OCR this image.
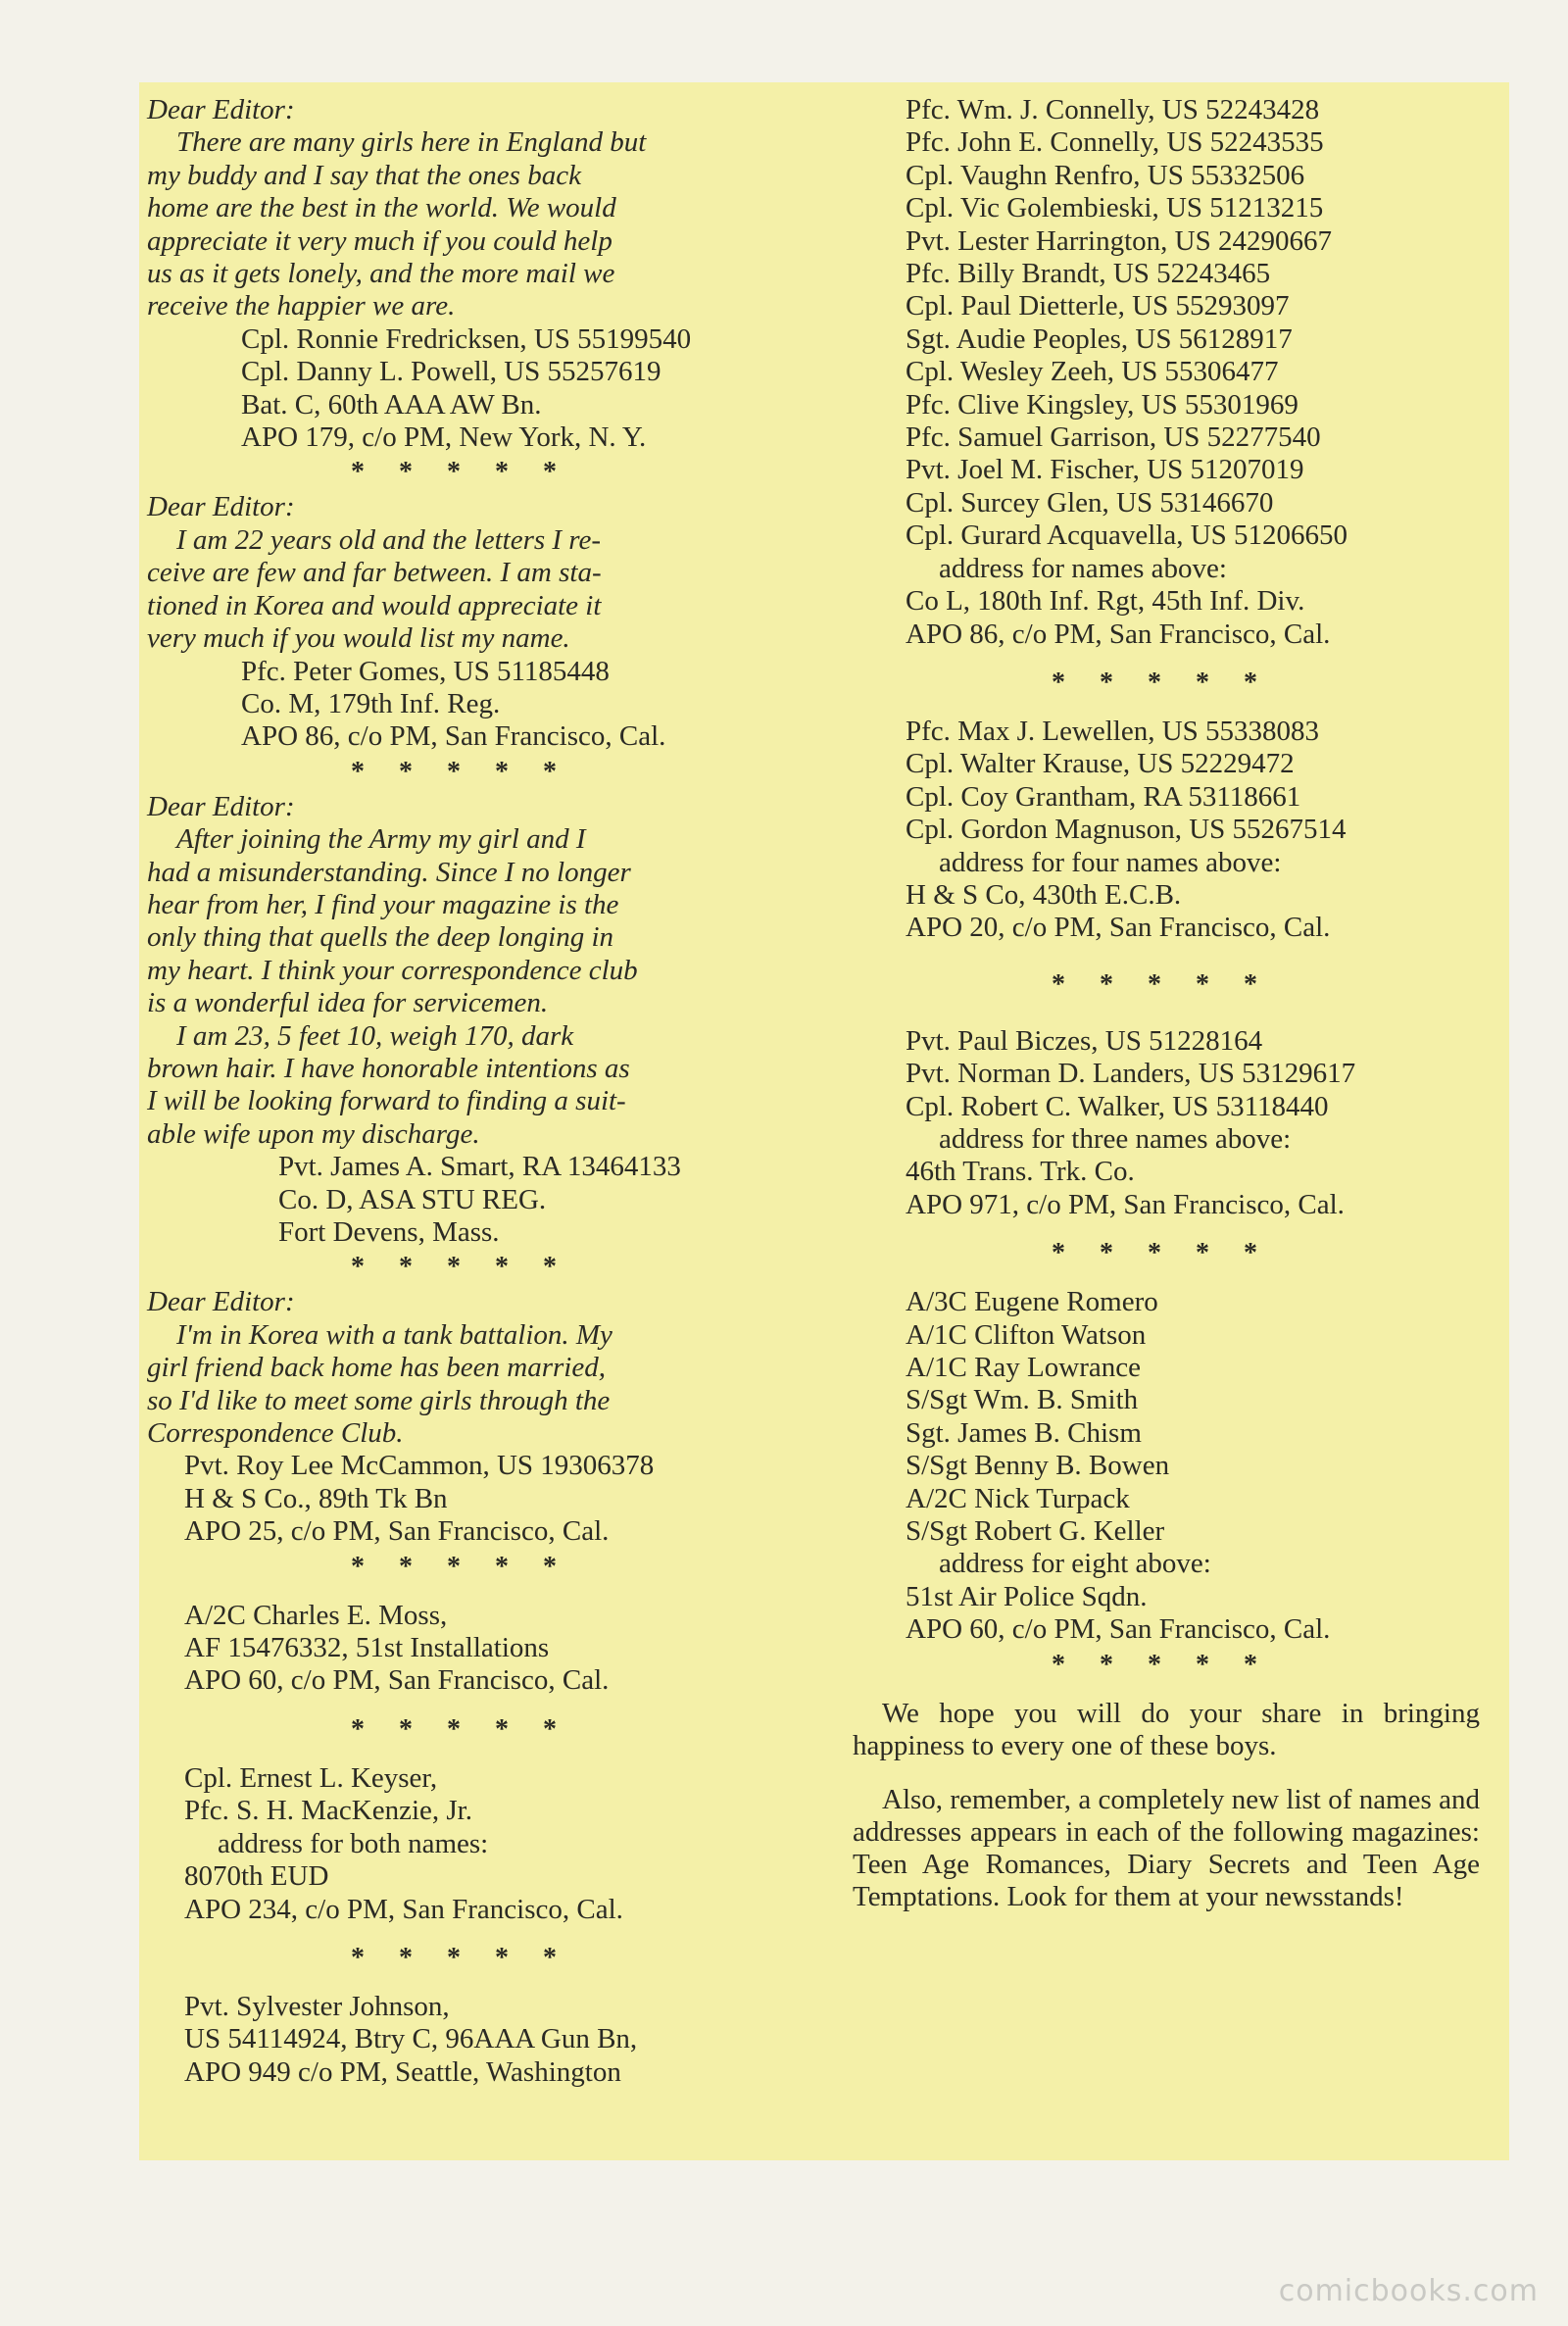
Dear Editor:
There are many girls here in England but
my buddy and I say that the ones back
home are the best in the world. We would
appreciate it very much if you could help
us as it gets lonely, and the more mail we
receive the happier we are.
Cpl. Ronnie Fredricksen, US 55199540
Cpl. Danny L. Powell, US 55257619
Bat. C, 60th AAA AW Bn.
APO 179, c/o PM, New York, N. Y.
* * * * *
Dear Editor:
I am 22 years old and the letters I re-
ceive are few and far between. I am sta-
tioned in Korea and would appreciate it
very much if you would list my name.
Pfc. Peter Gomes, US 51185448
Co. M, 179th Inf. Reg.
APO 86, c/o PM, San Francisco, Cal.
* * * * *
Dear Editor:
After joining the Army my girl and I
had a misunderstanding. Since I no longer
hear from her, I find your magazine is the
only thing that quells the deep longing in
my heart. I think your correspondence club
is a wonderful idea for servicemen.
I am 23, 5 feet 10, weigh 170, dark
brown hair. I have honorable intentions as
I will be looking forward to finding a suit-
able wife upon my discharge.
Pvt. James A. Smart, RA 13464133
Co. D, ASA STU REG.
Fort Devens, Mass.
* * * * *
Dear Editor:
I'm in Korea with a tank battalion. My
girl friend back home has been married,
so I'd like to meet some girls through the
Correspondence Club.
Pvt. Roy Lee McCammon, US 19306378
H & S Co., 89th Tk Bn
APO 25, c/o PM, San Francisco, Cal.
* * * * *
A/2C Charles E. Moss,
AF 15476332, 51st Installations
APO 60, c/o PM, San Francisco, Cal.
* * * * *
Cpl. Ernest L. Keyser,
Pfc. S. H. MacKenzie, Jr.
address for both names:
8070th EUD
APO 234, c/o PM, San Francisco, Cal.
* * * * *
Pvt. Sylvester Johnson,
US 54114924, Btry C, 96AAA Gun Bn,
APO 949 c/o PM, Seattle, Washington
Pfc. Wm. J. Connelly, US 52243428
Pfc. John E. Connelly, US 52243535
Cpl. Vaughn Renfro, US 55332506
Cpl. Vic Golembieski, US 51213215
Pvt. Lester Harrington, US 24290667
Pfc. Billy Brandt, US 52243465
Cpl. Paul Dietterle, US 55293097
Sgt. Audie Peoples, US 56128917
Cpl. Wesley Zeeh, US 55306477
Pfc. Clive Kingsley, US 55301969
Pfc. Samuel Garrison, US 52277540
Pvt. Joel M. Fischer, US 51207019
Cpl. Surcey Glen, US 53146670
Cpl. Gurard Acquavella, US 51206650
address for names above:
Co L, 180th Inf. Rgt, 45th Inf. Div.
APO 86, c/o PM, San Francisco, Cal.
* * * * *
Pfc. Max J. Lewellen, US 55338083
Cpl. Walter Krause, US 52229472
Cpl. Coy Grantham, RA 53118661
Cpl. Gordon Magnuson, US 55267514
address for four names above:
H & S Co, 430th E.C.B.
APO 20, c/o PM, San Francisco, Cal.
* * * * *
Pvt. Paul Biczes, US 51228164
Pvt. Norman D. Landers, US 53129617
Cpl. Robert C. Walker, US 53118440
address for three names above:
46th Trans. Trk. Co.
APO 971, c/o PM, San Francisco, Cal.
* * * * *
A/3C Eugene Romero
A/1C Clifton Watson
A/1C Ray Lowrance
S/Sgt Wm. B. Smith
Sgt. James B. Chism
S/Sgt Benny B. Bowen
A/2C Nick Turpack
S/Sgt Robert G. Keller
address for eight above:
51st Air Police Sqdn.
APO 60, c/o PM, San Francisco, Cal.
* * * * *
We hope you will do your share in bringing happiness to every one of these boys.
Also, remember, a completely new list of names and addresses appears in each of the following magazines: Teen Age Romances, Diary Secrets and Teen Age Temptations. Look for them at your newsstands!
comicbooks.com
